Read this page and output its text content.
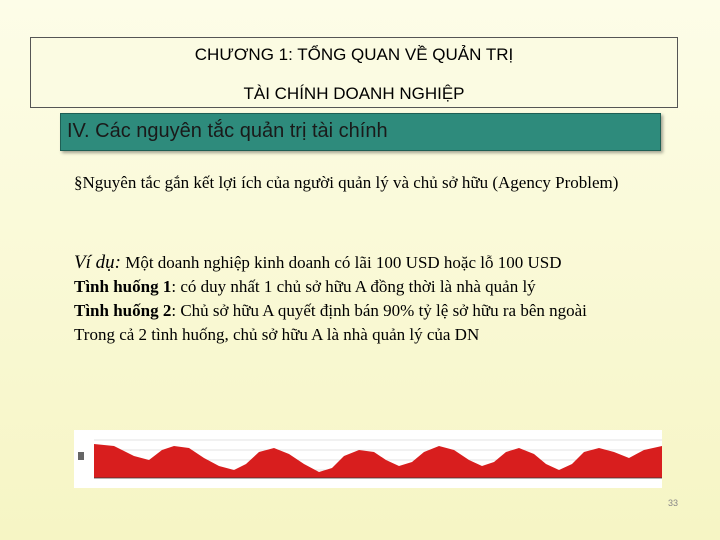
CHƯƠNG 1: TỔNG QUAN VỀ QUẢN TRỊ
TÀI CHÍNH DOANH NGHIỆP
IV. Các nguyên tắc quản trị tài chính
§Nguyên tắc gắn kết lợi ích của người quản lý và chủ sở hữu (Agency Problem)
Ví dụ: Một doanh nghiệp kinh doanh có lãi 100 USD hoặc lỗ 100 USD
Tình huống 1: có duy nhất 1 chủ sở hữu A đồng thời là nhà quản lý
Tình huống 2: Chủ sở hữu A quyết định bán 90% tỷ lệ sở hữu ra bên ngoài
Trong cả 2 tình huống, chủ sở hữu A là nhà quản lý của DN
33
